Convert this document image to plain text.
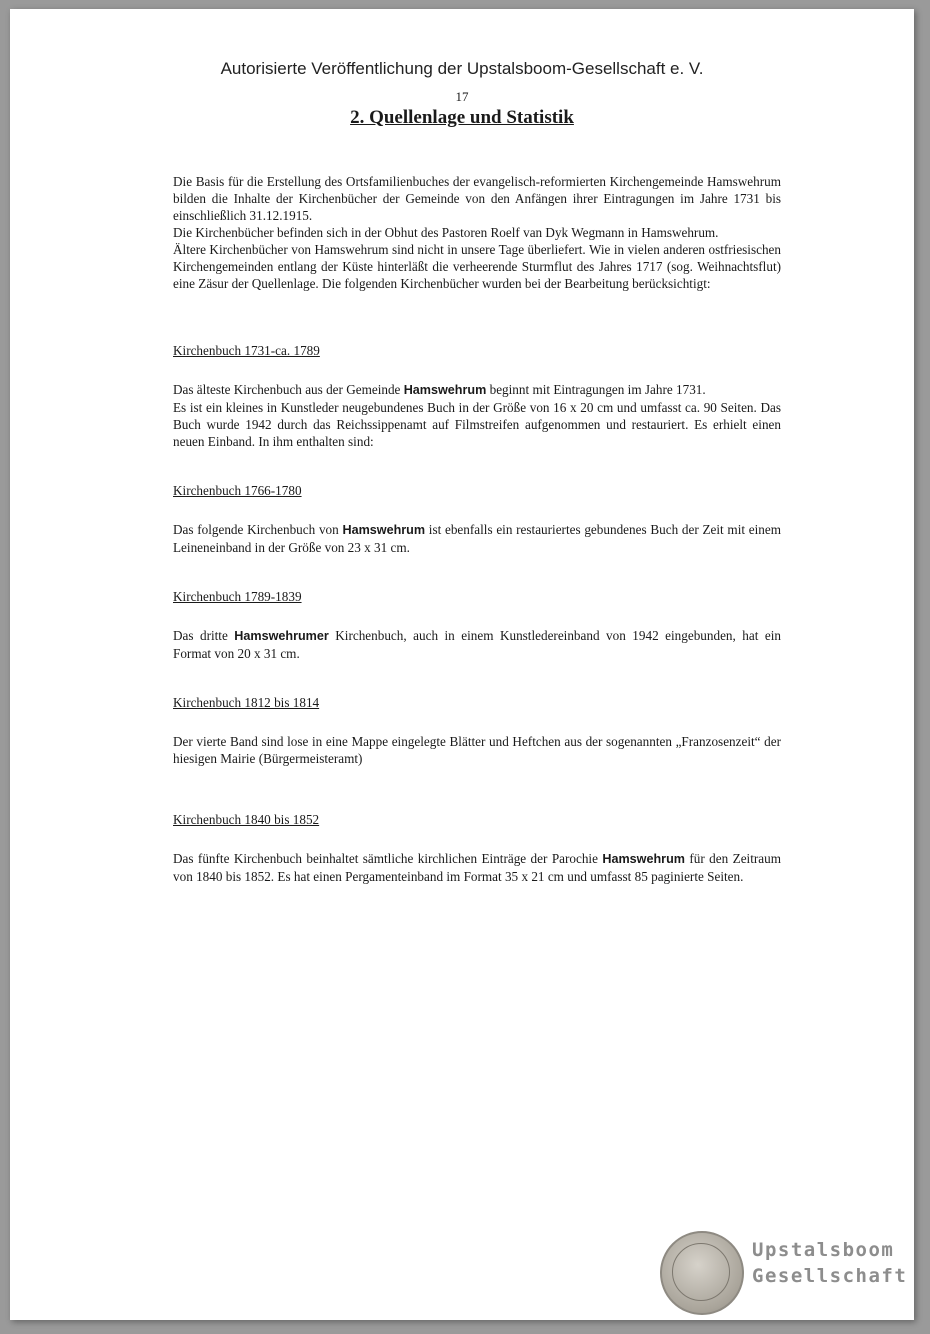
Autorisierte Veröffentlichung der Upstalsboom-Gesellschaft e. V.
17
2. Quellenlage und Statistik

Die Basis für die Erstellung des Ortsfamilienbuches der evangelisch-reformierten Kirchengemeinde Hamswehrum bilden die Inhalte der Kirchenbücher der Gemeinde von den Anfängen ihrer Eintragungen im Jahre 1731 bis einschließlich 31.12.1915.

Die Kirchenbücher befinden sich in der Obhut des Pastoren Roelf van Dyk Wegmann in Hamswehrum.

Ältere Kirchenbücher von Hamswehrum sind nicht in unsere Tage überliefert. Wie in vielen anderen ostfriesischen Kirchengemeinden entlang der Küste hinterläßt die verheerende Sturmflut des Jahres 1717 (sog. Weihnachtsflut) eine Zäsur der Quellenlage. Die folgenden Kirchenbücher wurden bei der Bearbeitung berücksichtigt:

Kirchenbuch 1731-ca. 1789

Das älteste Kirchenbuch aus der Gemeinde Hamswehrum beginnt mit Eintragungen im Jahre 1731.

Es ist ein kleines in Kunstleder neugebundenes Buch in der Größe von 16 x 20 cm und umfasst ca. 90 Seiten. Das Buch wurde 1942 durch das Reichssippenamt auf Filmstreifen aufgenommen und restauriert. Es erhielt einen neuen Einband. In ihm enthalten sind:

Kirchenbuch 1766-1780

Das folgende Kirchenbuch von Hamswehrum ist ebenfalls ein restauriertes gebundenes Buch der Zeit mit einem Leineneinband in der Größe von 23 x 31 cm.

Kirchenbuch 1789-1839

Das dritte Hamswehrumer Kirchenbuch, auch in einem Kunstledereinband von 1942 eingebunden, hat ein Format von 20 x 31 cm.

Kirchenbuch 1812 bis 1814

Der vierte Band sind lose in eine Mappe eingelegte Blätter und Heftchen aus der sogenannten „Franzosenzeit“ der hiesigen Mairie (Bürgermeisteramt)

Kirchenbuch 1840 bis 1852

Das fünfte Kirchenbuch beinhaltet sämtliche kirchlichen Einträge der Parochie Hamswehrum für den Zeitraum von 1840 bis 1852. Es hat einen Pergamenteinband im Format 35 x 21 cm und umfasst 85 paginierte Seiten.

Upstalsboom
Gesellschaft
